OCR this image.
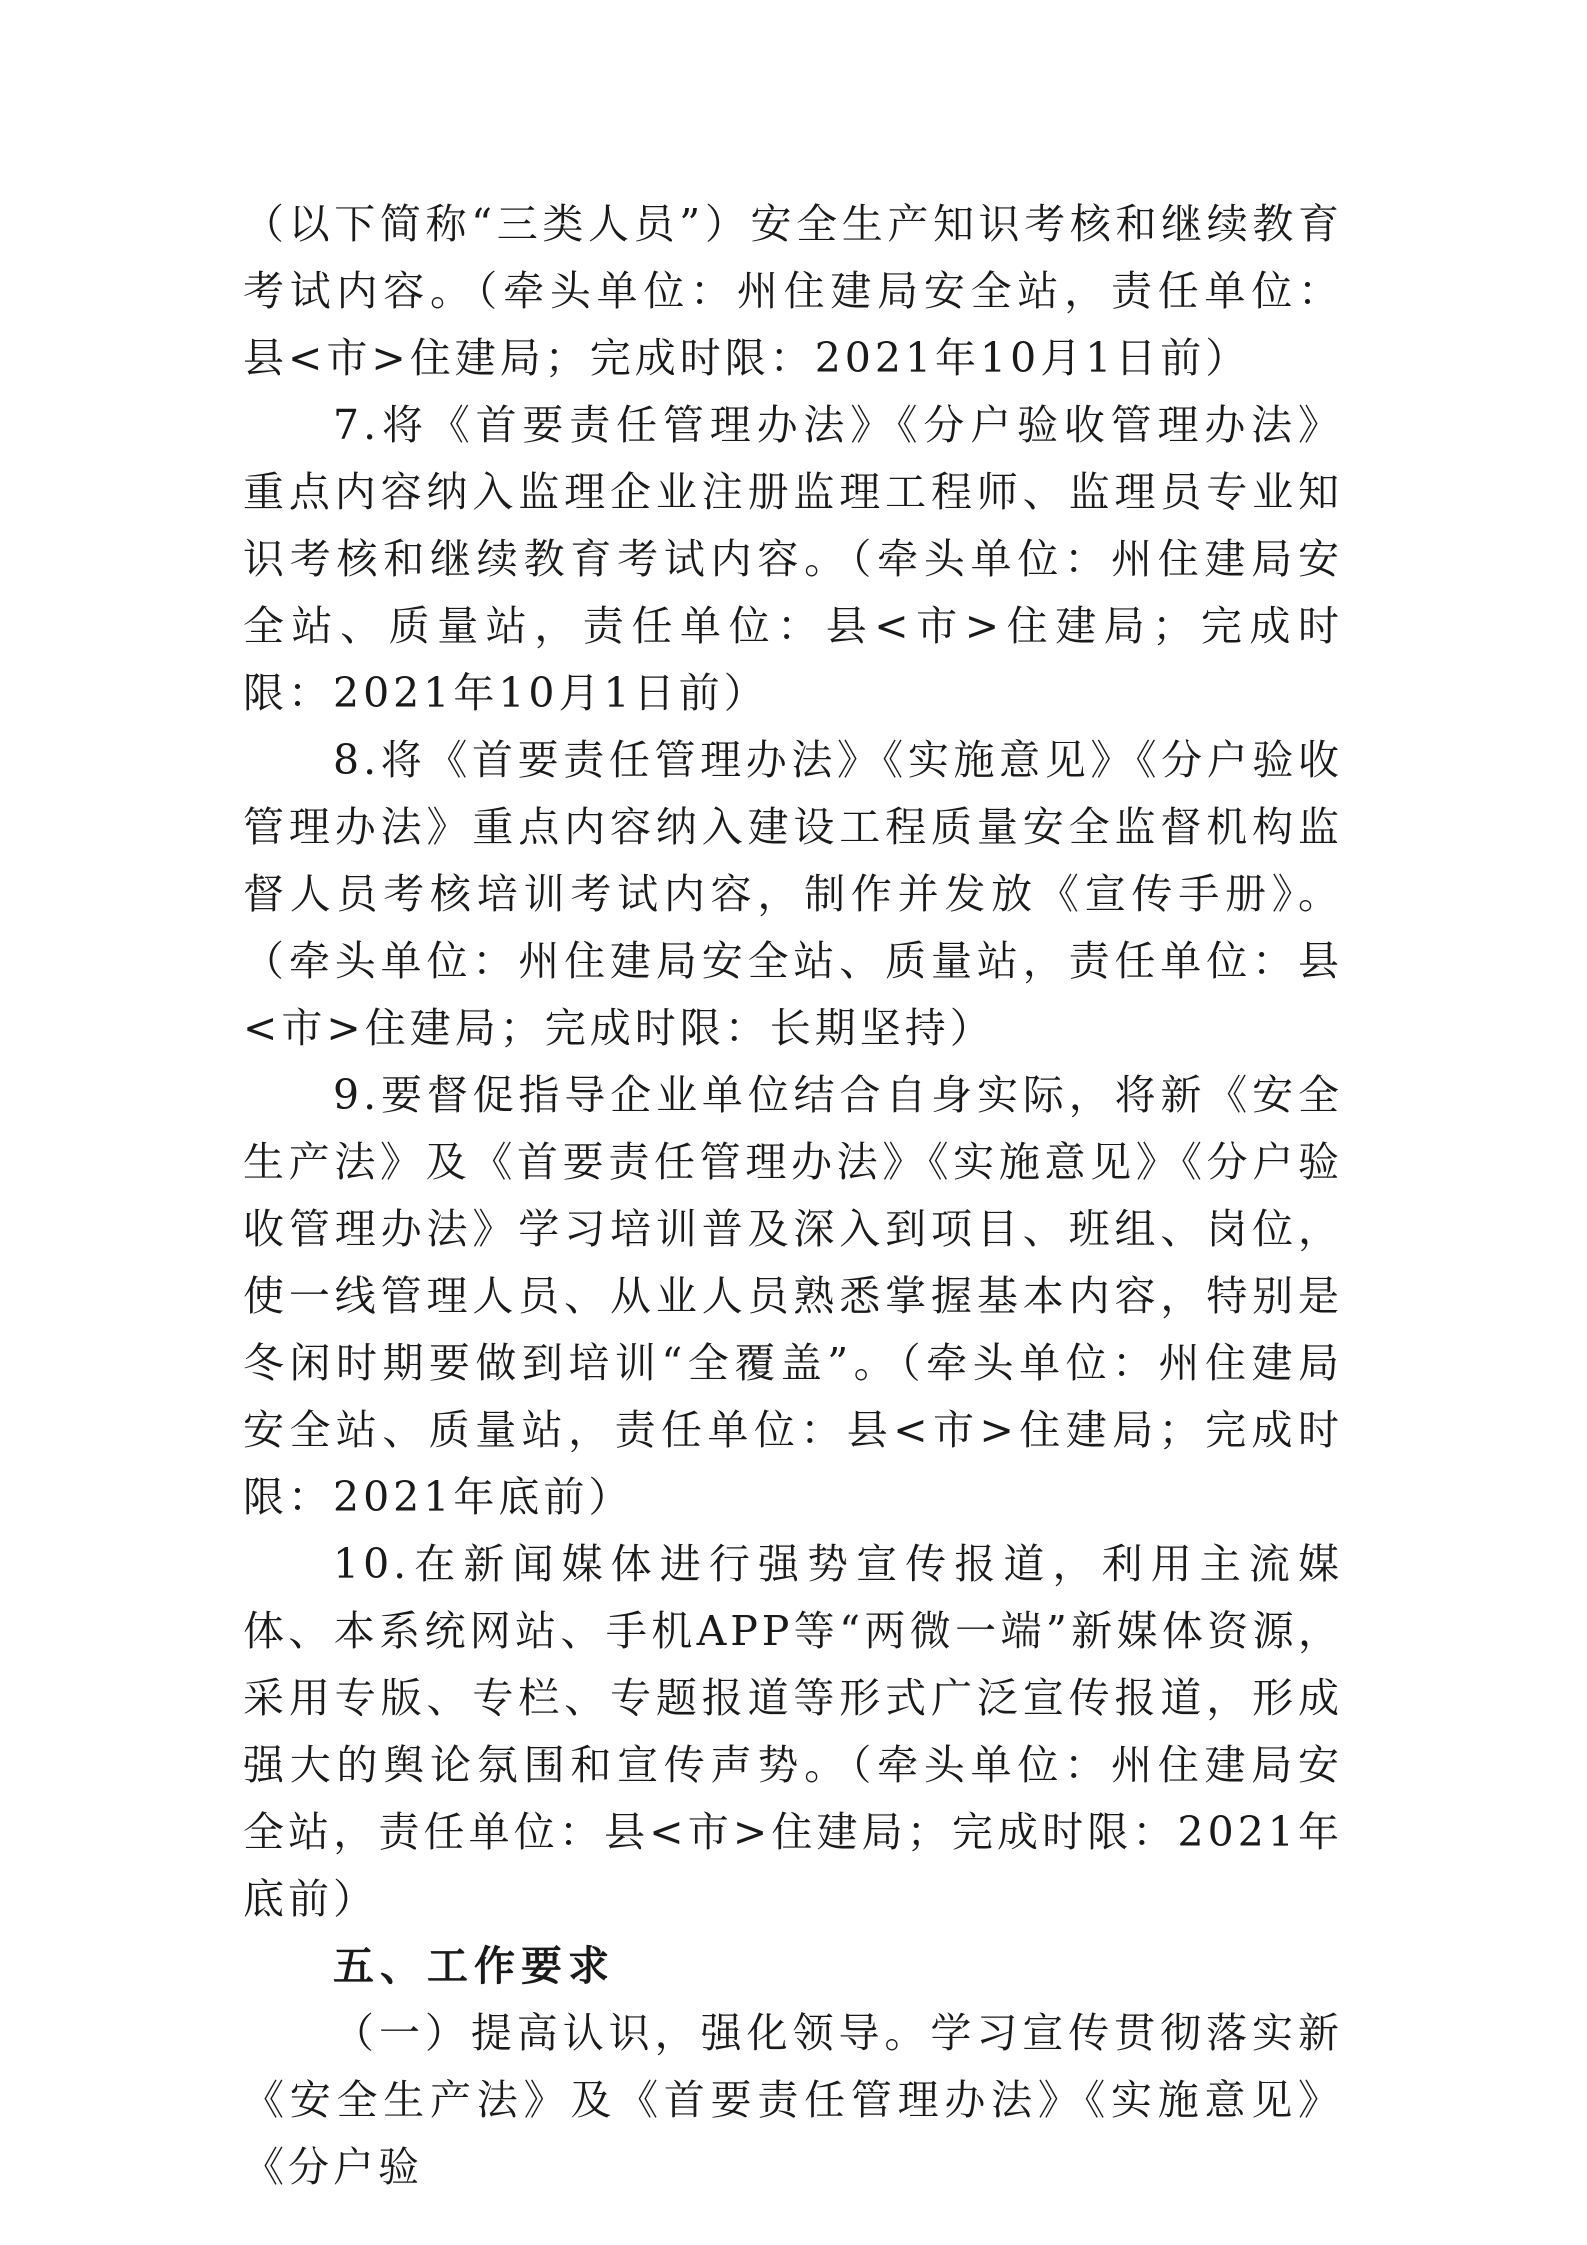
（以下简称“三类人员”）安全生产知识考核和继续教育考试内容。（牵头单位：州住建局安全站，责任单位：县<市>住建局；完成时限：2021年10月1日前）

7.将《首要责任管理办法》《分户验收管理办法》重点内容纳入监理企业注册监理工程师、监理员专业知识考核和继续教育考试内容。（牵头单位：州住建局安全站、质量站，责任单位：县<市>住建局；完成时限：2021年10月1日前）

8.将《首要责任管理办法》《实施意见》《分户验收管理办法》重点内容纳入建设工程质量安全监督机构监督人员考核培训考试内容，制作并发放《宣传手册》。（牵头单位：州住建局安全站、质量站，责任单位：县<市>住建局；完成时限：长期坚持）

9.要督促指导企业单位结合自身实际，将新《安全生产法》及《首要责任管理办法》《实施意见》《分户验收管理办法》学习培训普及深入到项目、班组、岗位，使一线管理人员、从业人员熟悉掌握基本内容，特别是冬闲时期要做到培训“全覆盖”。（牵头单位：州住建局安全站、质量站，责任单位：县<市>住建局；完成时限：2021年底前）

10.在新闻媒体进行强势宣传报道，利用主流媒体、本系统网站、手机APP等“两微一端”新媒体资源，采用专版、专栏、专题报道等形式广泛宣传报道，形成强大的舆论氛围和宣传声势。（牵头单位：州住建局安全站，责任单位：县<市>住建局；完成时限：2021年底前）

五、工作要求

（一）提高认识，强化领导。学习宣传贯彻落实新《安全生产法》及《首要责任管理办法》《实施意见》《分户验
